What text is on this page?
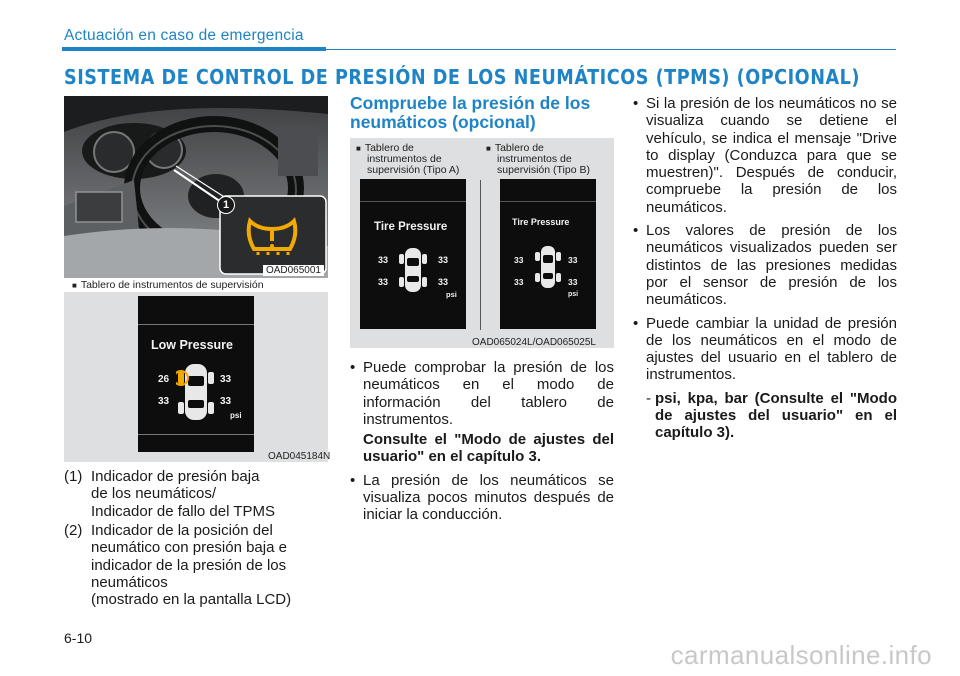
Actuación en caso de emergencia
SISTEMA DE CONTROL DE PRESIÓN DE LOS NEUMÁTICOS (TPMS) (OPCIONAL)
1
OAD065001
■ Tablero de instrumentos de supervisión
Low Pressure
26	33
33	33
psi
OAD045184N
(1) Indicador de presión baja
de los neumáticos/
Indicador de fallo del TPMS
(2) Indicador de la posición del
neumático con presión baja e
indicador de la presión de los
neumáticos
(mostrado en la pantalla LCD)
Compruebe la presión de los
neumáticos (opcional)
■ Tablero de
instrumentos de
supervisión (Tipo A)
■ Tablero de
instrumentos de
supervisión (Tipo B)
Tire Pressure
33	33
33	33
psi
Tire Pressure
33	33
33	33
psi
OAD065024L/OAD065025L
• Puede comprobar la presión de los neumáticos en el modo de información del tablero de instrumentos.
Consulte el "Modo de ajustes del usuario" en el capítulo 3.
• La presión de los neumáticos se visualiza pocos minutos después de iniciar la conducción.
• Si la presión de los neumáticos no se visualiza cuando se detiene el vehículo, se indica el mensaje "Drive to display (Conduzca para que se muestren)". Después de conducir, compruebe la presión de los neumáticos.
• Los valores de presión de los neumáticos visualizados pueden ser distintos de las presiones medidas por el sensor de presión de los neumáticos.
• Puede cambiar la unidad de presión de los neumáticos en el modo de ajustes del usuario en el tablero de instrumentos.
- psi, kpa, bar (Consulte el "Modo de ajustes del usuario" en el capítulo 3).
6-10
carmanualsonline.info
